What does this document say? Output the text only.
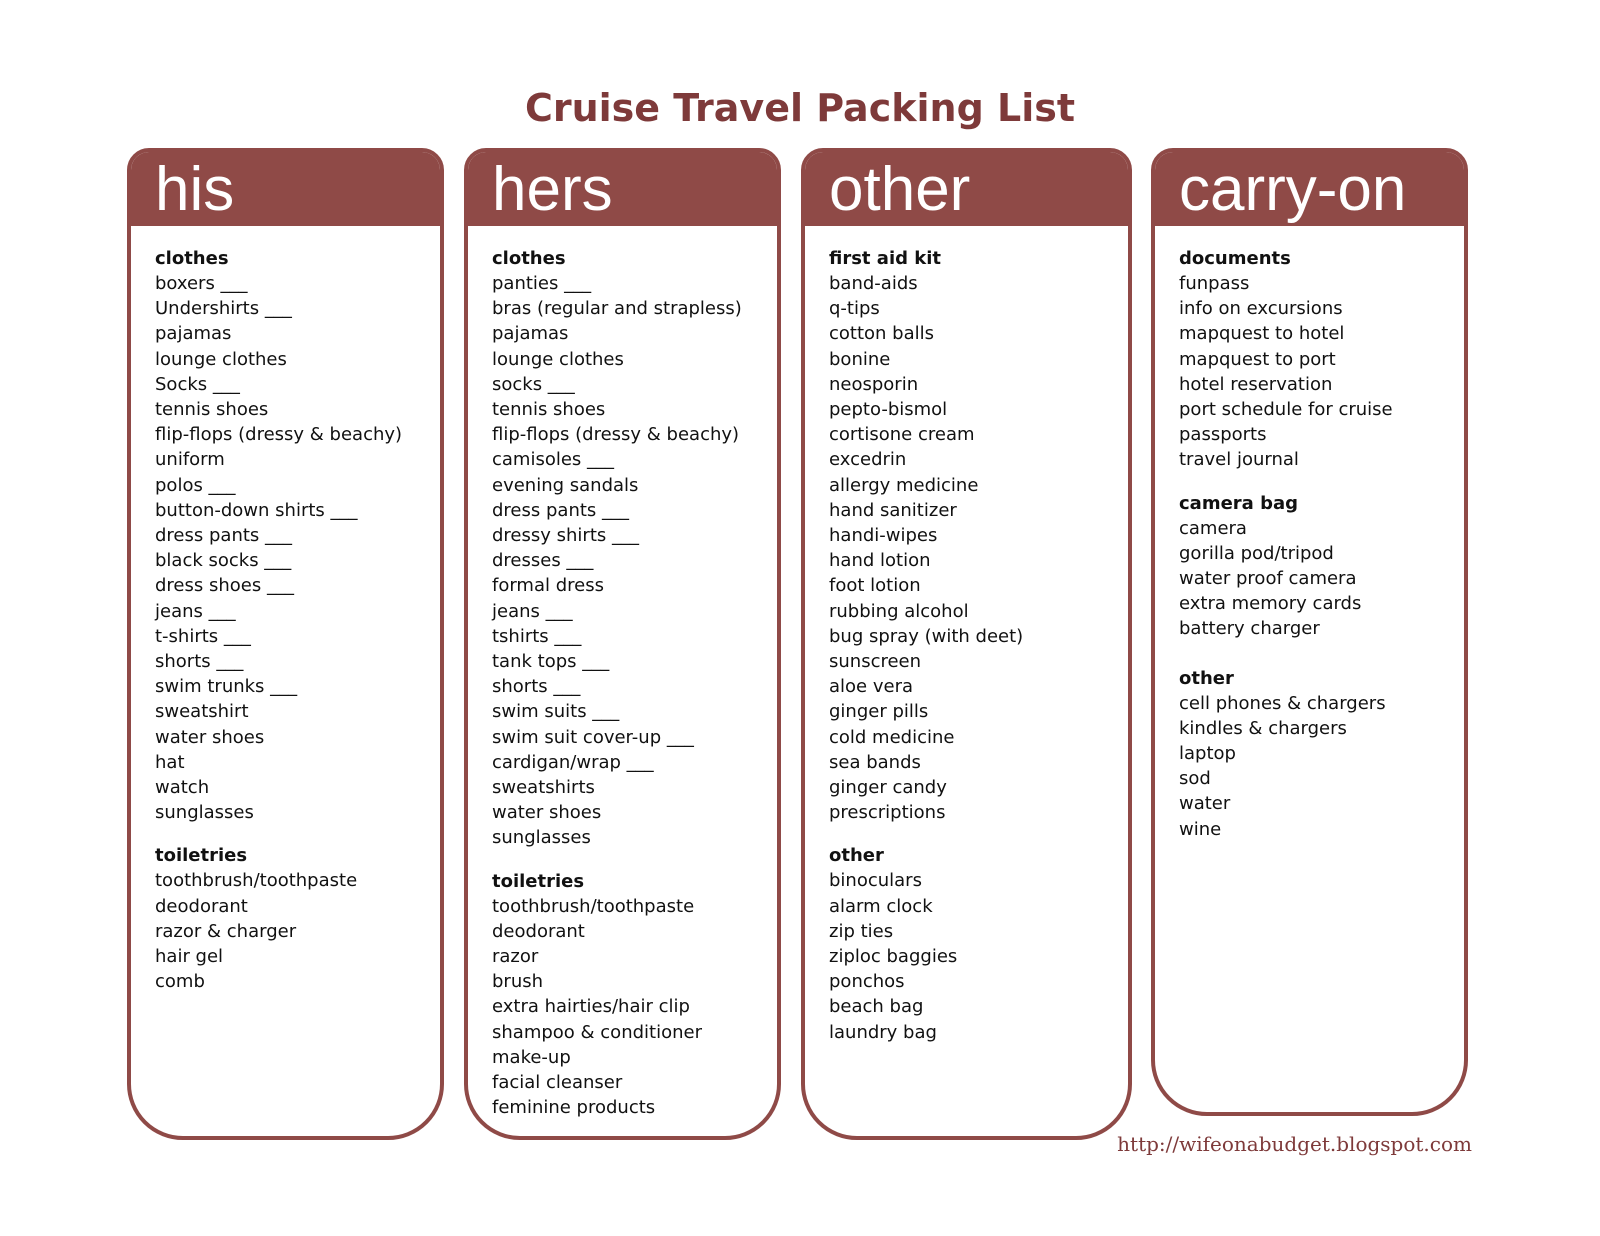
Cruise Travel Packing List
his
clothes
boxers ___
Undershirts ___
pajamas
lounge clothes
Socks ___
tennis shoes
flip-flops (dressy & beachy)
uniform
polos ___
button-down shirts ___
dress pants ___
black socks ___
dress shoes ___
jeans ___
t-shirts ___
shorts ___
swim trunks ___
sweatshirt
water shoes
hat
watch
sunglasses
toiletries
toothbrush/toothpaste
deodorant
razor & charger
hair gel
comb
hers
clothes
panties ___
bras (regular and strapless)
pajamas
lounge clothes
socks ___
tennis shoes
flip-flops (dressy & beachy)
camisoles ___
evening sandals
dress pants ___
dressy shirts ___
dresses ___
formal dress
jeans ___
tshirts ___
tank tops ___
shorts ___
swim suits ___
swim suit cover-up ___
cardigan/wrap ___
sweatshirts
water shoes
sunglasses
toiletries
toothbrush/toothpaste
deodorant
razor
brush
extra hairties/hair clip
shampoo & conditioner
make-up
facial cleanser
feminine products
other
first aid kit
band-aids
q-tips
cotton balls
bonine
neosporin
pepto-bismol
cortisone cream
excedrin
allergy medicine
hand sanitizer
handi-wipes
hand lotion
foot lotion
rubbing alcohol
bug spray (with deet)
sunscreen
aloe vera
ginger pills
cold medicine
sea bands
ginger candy
prescriptions
other
binoculars
alarm clock
zip ties
ziploc baggies
ponchos
beach bag
laundry bag
carry-on
documents
funpass
info on excursions
mapquest to hotel
mapquest to port
hotel reservation
port schedule for cruise
passports
travel journal
camera bag
camera
gorilla pod/tripod
water proof camera
extra memory cards
battery charger
other
cell phones & chargers
kindles & chargers
laptop
sod
water
wine
http://wifeonabudget.blogspot.com
